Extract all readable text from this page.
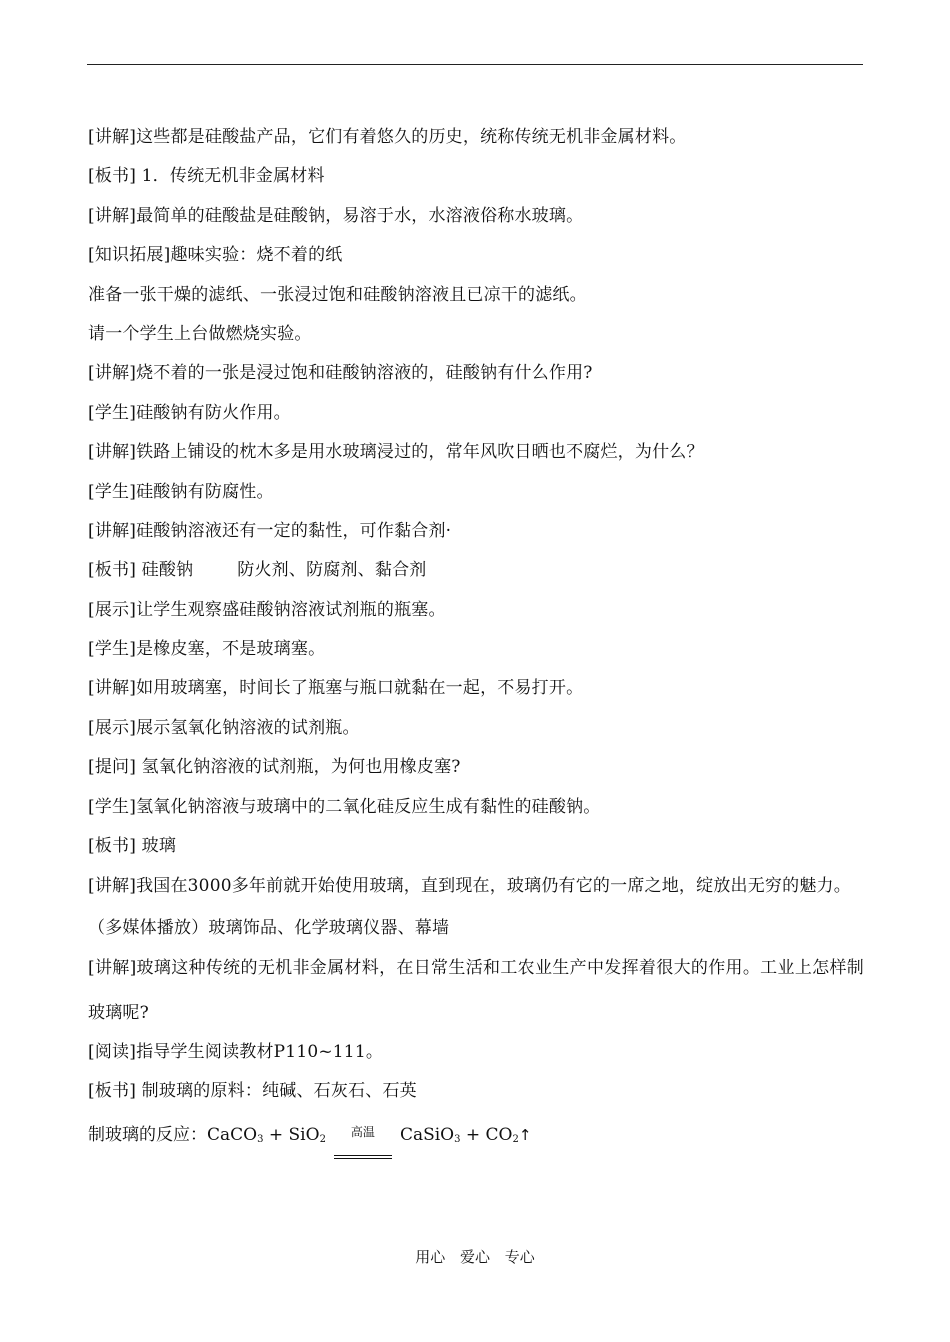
[讲解]这些都是硅酸盐产品，它们有着悠久的历史，统称传统无机非金属材料。
[板书] 1．传统无机非金属材料
[讲解]最简单的硅酸盐是硅酸钠，易溶于水，水溶液俗称水玻璃。
[知识拓展]趣味实验：烧不着的纸
准备一张干燥的滤纸、一张浸过饱和硅酸钠溶液且已凉干的滤纸。
请一个学生上台做燃烧实验。
[讲解]烧不着的一张是浸过饱和硅酸钠溶液的，硅酸钠有什么作用?
[学生]硅酸钠有防火作用。
[讲解]铁路上铺设的枕木多是用水玻璃浸过的，常年风吹日晒也不腐烂，为什么？
[学生]硅酸钠有防腐性。
[讲解]硅酸钠溶液还有一定的黏性，可作黏合剂·
[板书] 硅酸钠	防火剂、防腐剂、黏合剂
[展示]让学生观察盛硅酸钠溶液试剂瓶的瓶塞。
[学生]是橡皮塞，不是玻璃塞。
[讲解]如用玻璃塞，时间长了瓶塞与瓶口就黏在一起，不易打开。
[展示]展示氢氧化钠溶液的试剂瓶。
[提问] 氢氧化钠溶液的试剂瓶，为何也用橡皮塞?
[学生]氢氧化钠溶液与玻璃中的二氧化硅反应生成有黏性的硅酸钠。
[板书] 玻璃
[讲解]我国在3000多年前就开始使用玻璃，直到现在，玻璃仍有它的一席之地，绽放出无穷的魅力。
（多媒体播放）玻璃饰品、化学玻璃仪器、幕墙
[讲解]玻璃这种传统的无机非金属材料，在日常生活和工农业生产中发挥着很大的作用。工业上怎样制玻璃呢?
[阅读]指导学生阅读教材P110~111。
[板书] 制玻璃的原料：纯碱、石灰石、石英
制玻璃的反应：CaCO$_3$ + SiO$_2^{高温}$ CaSiO$_3$ + $CO_2↑$
用心 爱心 专心
